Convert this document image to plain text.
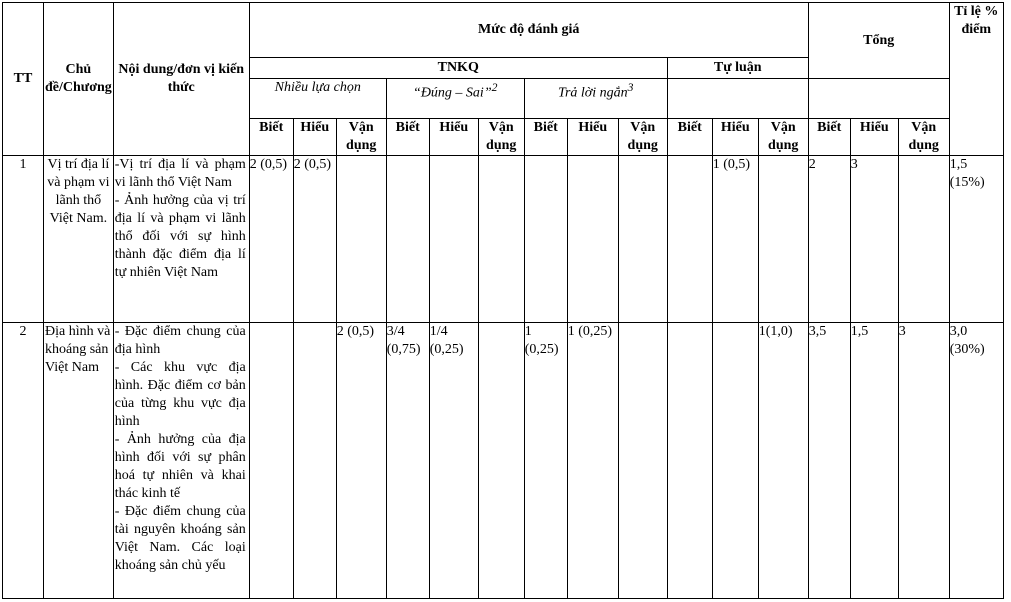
TT	Chủ đề/Chương	Nội dung/đơn vị kiến thức	Mức độ đánh giá												Tổng			Tỉ lệ % điểm
			TNKQ									Tự luận						
			Nhiều lựa chọn			“Đúng – Sai”$^2$			Trả lời ngắn$^3$		
			Biết	Hiểu	Vận dụng	Biết	Hiểu	Vận dụng	Biết	Hiểu	Vận dụng	Biết	Hiểu	Vận dụng	Biết	Hiểu	Vận dụng	
1	Vị trí địa lí và phạm vi lãnh thổ Việt Nam.	-Vị trí địa lí và phạm vi lãnh thổ Việt Nam
- Ảnh hưởng của vị trí địa lí và phạm vi lãnh thổ đối với sự hình thành đặc điểm địa lí tự nhiên Việt Nam	2 (0,5)	2 (0,5)									1 (0,5)		2	3		1,5 (15%)
2	Địa hình và khoáng sản Việt Nam	- Đặc điểm chung của địa hình
- Các khu vực địa hình. Đặc điểm cơ bản của từng khu vực địa hình
- Ảnh hưởng của địa hình đối với sự phân hoá tự nhiên và khai thác kinh tế
- Đặc điểm chung của tài nguyên khoáng sản Việt Nam. Các loại khoáng sản chủ yếu			2 (0,5)	3/4 (0,75)	1/4 (0,25)		1 (0,25)	1 (0,25)				1(1,0)	3,5	1,5	3	3,0 (30%)
